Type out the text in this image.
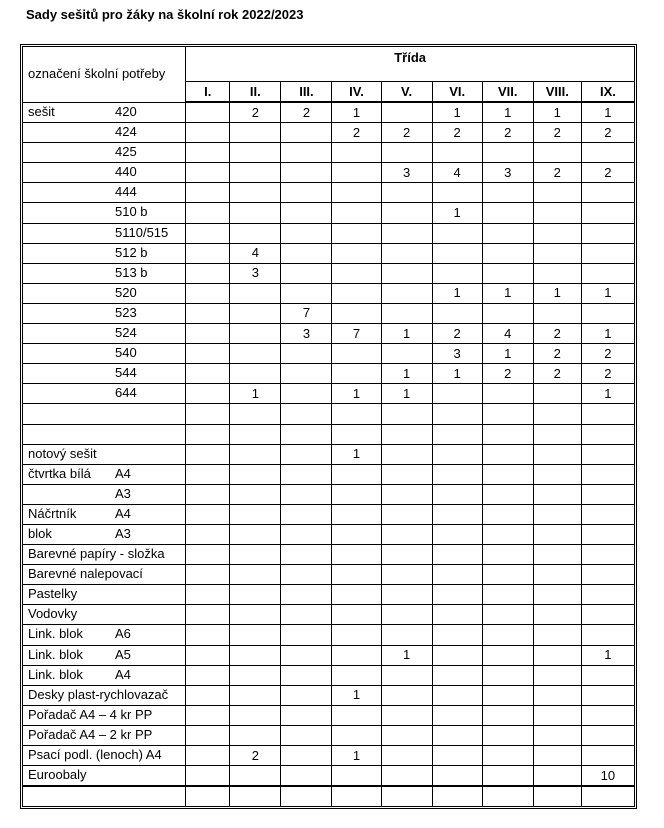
Sady sešitů pro žáky na školní rok 2022/2023
označení školní potřeby	Třída								
	I.	II.	III.	IV.	V.	VI.	VII.	VIII.	IX.

sešit 420		2	2	1		1	1	1	1

424				2	2	2	2	2	2

425									

440					3	4	3	2	2

444									

510 b						1			

5110/515									

512 b		4							

513 b		3							

520						1	1	1	1

523			7						

524			3	7	1	2	4	2	1

540						3	1	2	2

544					1	1	2	2	2

644		1		1	1				1

notový sešit				1					

čtvrtka bílá A4									

A3									

Náčrtník A4									

blok A3									

Barevné papíry - složka									

Barevné nalepovací									

Pastelky									

Vodovky									

Link. blok A6									

Link. blok A5					1				1

Link. blok A4									

Desky plast-rychlovazač				1					

Pořadač A4 – 4 kr PP									

Pořadač A4 – 2 kr PP									

Psací podl. (lenoch) A4		2		1					

Euroobaly									10
